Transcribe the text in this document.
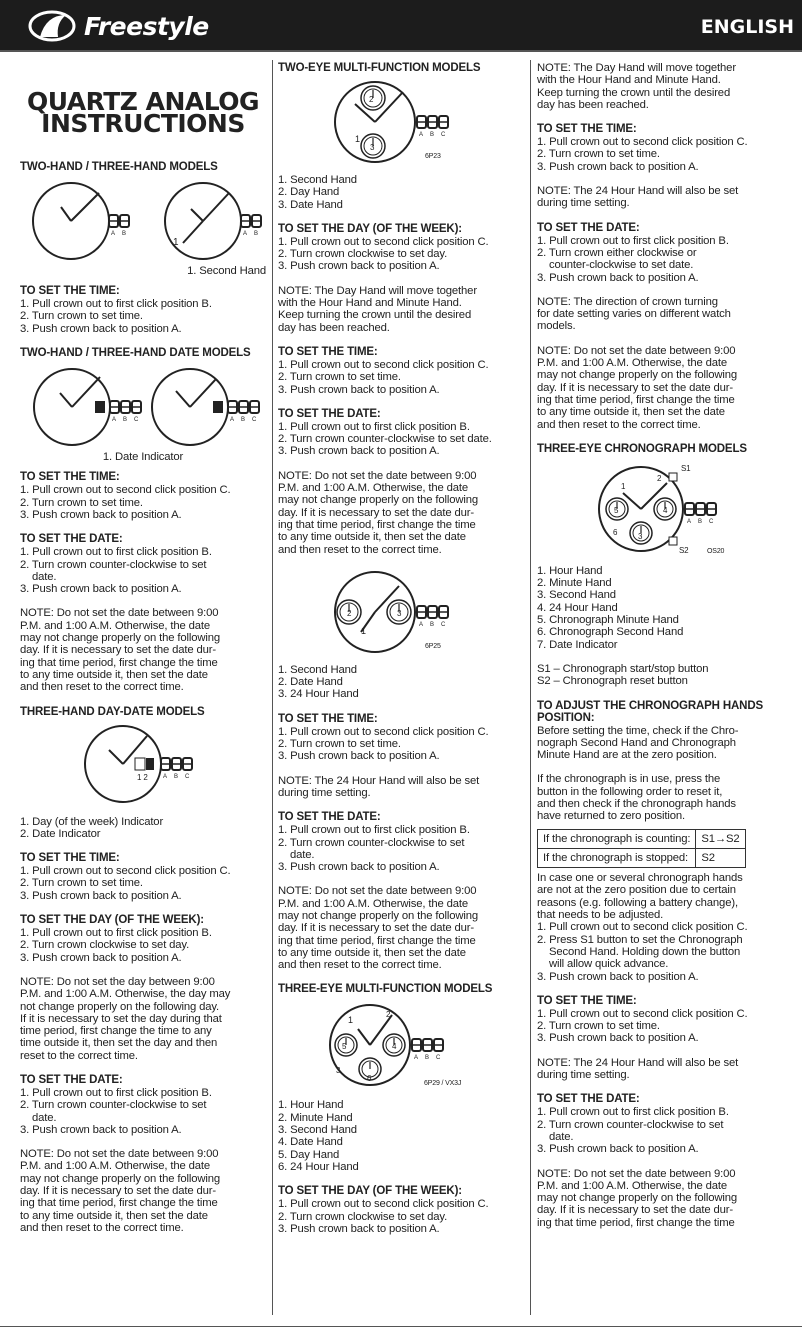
Freestyle	ENGLISH

QUARTZ ANALOG
INSTRUCTIONS

TWO-HAND / THREE-HAND MODELS
A B	A B
1
1. Second Hand
TO SET THE TIME:
1. Pull crown out to first click position B.
2. Turn crown to set time.
3. Push crown back to position A.
TWO-HAND / THREE-HAND DATE MODELS
A B C	A B C
1. Date Indicator
TO SET THE TIME:
1. Pull crown out to second click position C.
2. Turn crown to set time.
3. Push crown back to position A.
TO SET THE DATE:
1. Pull crown out to first click position B.
2. Turn crown counter-clockwise to set
date.
3. Push crown back to position A.
NOTE: Do not set the date between 9:00
P.M. and 1:00 A.M. Otherwise, the date
may not change properly on the following
day. If it is necessary to set the date dur-
ing that time period, first change the time
to any time outside it, then set the date
and then reset to the correct time.
THREE-HAND DAY-DATE MODELS
A B C
1 2
1. Day (of the week) Indicator
2. Date Indicator
TO SET THE TIME:
1. Pull crown out to second click position C.
2. Turn crown to set time.
3. Push crown back to position A.
TO SET THE DAY (OF THE WEEK):
1. Pull crown out to first click position B.
2. Turn crown clockwise to set day.
3. Push crown back to position A.
NOTE: Do not set the day between 9:00
P.M. and 1:00 A.M. Otherwise, the day may
not change properly on the following day.
If it is necessary to set the day during that
time period, first change the time to any
time outside it, then set the day and then
reset to the correct time.
TO SET THE DATE:
1. Pull crown out to first click position B.
2. Turn crown counter-clockwise to set
date.
3. Push crown back to position A.
NOTE: Do not set the date between 9:00
P.M. and 1:00 A.M. Otherwise, the date
may not change properly on the following
day. If it is necessary to set the date dur-
ing that time period, first change the time
to any time outside it, then set the date
and then reset to the correct time.
TWO-EYE MULTI-FUNCTION MODELS
A B C
2
1
3
6P23
1. Second Hand
2. Day Hand
3. Date Hand
TO SET THE DAY (OF THE WEEK):
1. Pull crown out to second click position C.
2. Turn crown clockwise to set day.
3. Push crown back to position A.
NOTE: The Day Hand will move together
with the Hour Hand and Minute Hand.
Keep turning the crown until the desired
day has been reached.
TO SET THE TIME:
1. Pull crown out to second click position C.
2. Turn crown to set time.
3. Push crown back to position A.
TO SET THE DATE:
1. Pull crown out to first click position B.
2. Turn crown counter-clockwise to set date.
3. Push crown back to position A.
NOTE: Do not set the date between 9:00
P.M. and 1:00 A.M. Otherwise, the date
may not change properly on the following
day. If it is necessary to set the date dur-
ing that time period, first change the time
to any time outside it, then set the date
and then reset to the correct time.
A B C
2
1
3
6P25
1. Second Hand
2. Date Hand
3. 24 Hour Hand
TO SET THE TIME:
1. Pull crown out to second click position C.
2. Turn crown to set time.
3. Push crown back to position A.
NOTE: The 24 Hour Hand will also be set
during time setting.
TO SET THE DATE:
1. Pull crown out to first click position B.
2. Turn crown counter-clockwise to set
date.
3. Push crown back to position A.
NOTE: Do not set the date between 9:00
P.M. and 1:00 A.M. Otherwise, the date
may not change properly on the following
day. If it is necessary to set the date dur-
ing that time period, first change the time
to any time outside it, then set the date
and then reset to the correct time.
THREE-EYE MULTI-FUNCTION MODELS
A B C
1
2
3
4
5
6
6P29 / VX3J
1. Hour Hand
2. Minute Hand
3. Second Hand
4. Date Hand
5. Day Hand
6. 24 Hour Hand
TO SET THE DAY (OF THE WEEK):
1. Pull crown out to second click position C.
2. Turn crown clockwise to set day.
3. Push crown back to position A.
NOTE: The Day Hand will move together
with the Hour Hand and Minute Hand.
Keep turning the crown until the desired
day has been reached.
TO SET THE TIME:
1. Pull crown out to second click position C.
2. Turn crown to set time.
3. Push crown back to position A.
NOTE: The 24 Hour Hand will also be set
during time setting.
TO SET THE DATE:
1. Pull crown out to first click position B.
2. Turn crown either clockwise or
counter-clockwise to set date.
3. Push crown back to position A.
NOTE: The direction of crown turning
for date setting varies on different watch
models.
NOTE: Do not set the date between 9:00
P.M. and 1:00 A.M. Otherwise, the date
may not change properly on the following
day. If it is necessary to set the date dur-
ing that time period, first change the time
to any time outside it, then set the date
and then reset to the correct time.
THREE-EYE CHRONOGRAPH MODELS
A B C
1
2
3
4
5
6
S1
S2	OS20
1. Hour Hand
2. Minute Hand
3. Second Hand
4. 24 Hour Hand
5. Chronograph Minute Hand
6. Chronograph Second Hand
7. Date Indicator
S1 – Chronograph start/stop button
S2 – Chronograph reset button
TO ADJUST THE CHRONOGRAPH HANDS POSITION:
Before setting the time, check if the Chro-
nograph Second Hand and Chronograph
Minute Hand are at the zero position.
If the chronograph is in use, press the
button in the following order to reset it,
and then check if the chronograph hands
have returned to zero position.
If the chronograph is counting:	S1→S2
If the chronograph is stopped:	S2
In case one or several chronograph hands
are not at the zero position due to certain
reasons (e.g. following a battery change),
that needs to be adjusted.
1. Pull crown out to second click position C.
2. Press S1 button to set the Chronograph
Second Hand. Holding down the button
will allow quick advance.
3. Push crown back to position A.
TO SET THE TIME:
1. Pull crown out to second click position C.
2. Turn crown to set time.
3. Push crown back to position A.
NOTE: The 24 Hour Hand will also be set
during time setting.
TO SET THE DATE:
1. Pull crown out to first click position B.
2. Turn crown counter-clockwise to set
date.
3. Push crown back to position A.
NOTE: Do not set the date between 9:00
P.M. and 1:00 A.M. Otherwise, the date
may not change properly on the following
day. If it is necessary to set the date dur-
ing that time period, first change the time
